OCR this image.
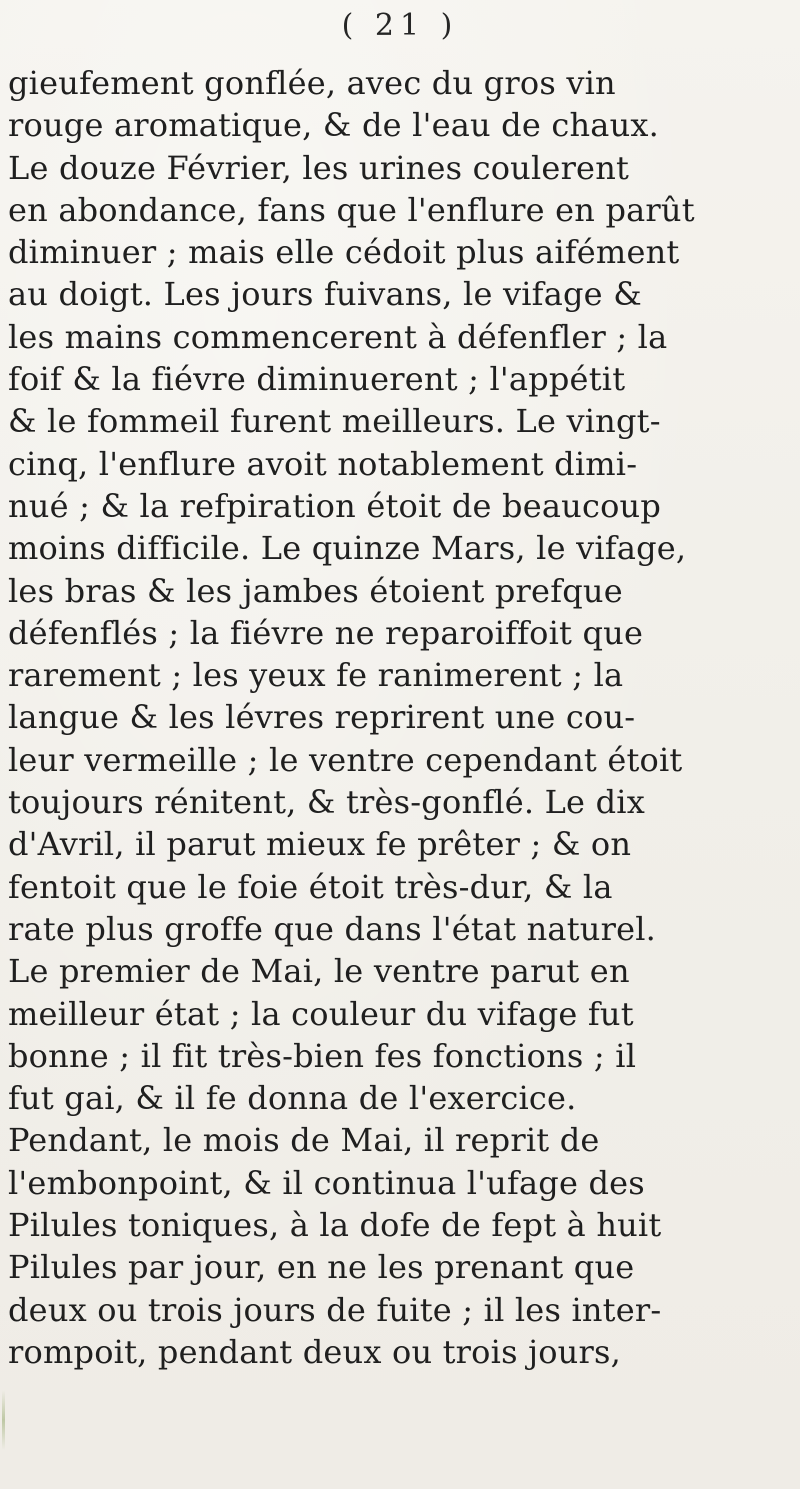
( 21 )
gieufement gonflée, avec du gros vin
rouge aromatique, & de l'eau de chaux.
Le douze Février, les urines coulerent
en abondance, fans que l'enflure en parût
diminuer ; mais elle cédoit plus aifément
au doigt. Les jours fuivans, le vifage &
les mains commencerent à défenfler ; la
foif & la fiévre diminuerent ; l'appétit
& le fommeil furent meilleurs. Le vingt-
cinq, l'enflure avoit notablement dimi-
nué ; & la refpiration étoit de beaucoup
moins difficile. Le quinze Mars, le vifage,
les bras & les jambes étoient prefque
défenflés ; la fiévre ne reparoiffoit que
rarement ; les yeux fe ranimerent ; la
langue & les lévres reprirent une cou-
leur vermeille ; le ventre cependant étoit
toujours rénitent, & très-gonflé. Le dix
d'Avril, il parut mieux fe prêter ; & on
fentoit que le foie étoit très-dur, & la
rate plus groffe que dans l'état naturel.
Le premier de Mai, le ventre parut en
meilleur état ; la couleur du vifage fut
bonne ; il fit très-bien fes fonctions ; il
fut gai, & il fe donna de l'exercice.
Pendant, le mois de Mai, il reprit de
l'embonpoint, & il continua l'ufage des
Pilules toniques, à la dofe de fept à huit
Pilules par jour, en ne les prenant que
deux ou trois jours de fuite ; il les inter-
rompoit, pendant deux ou trois jours,
